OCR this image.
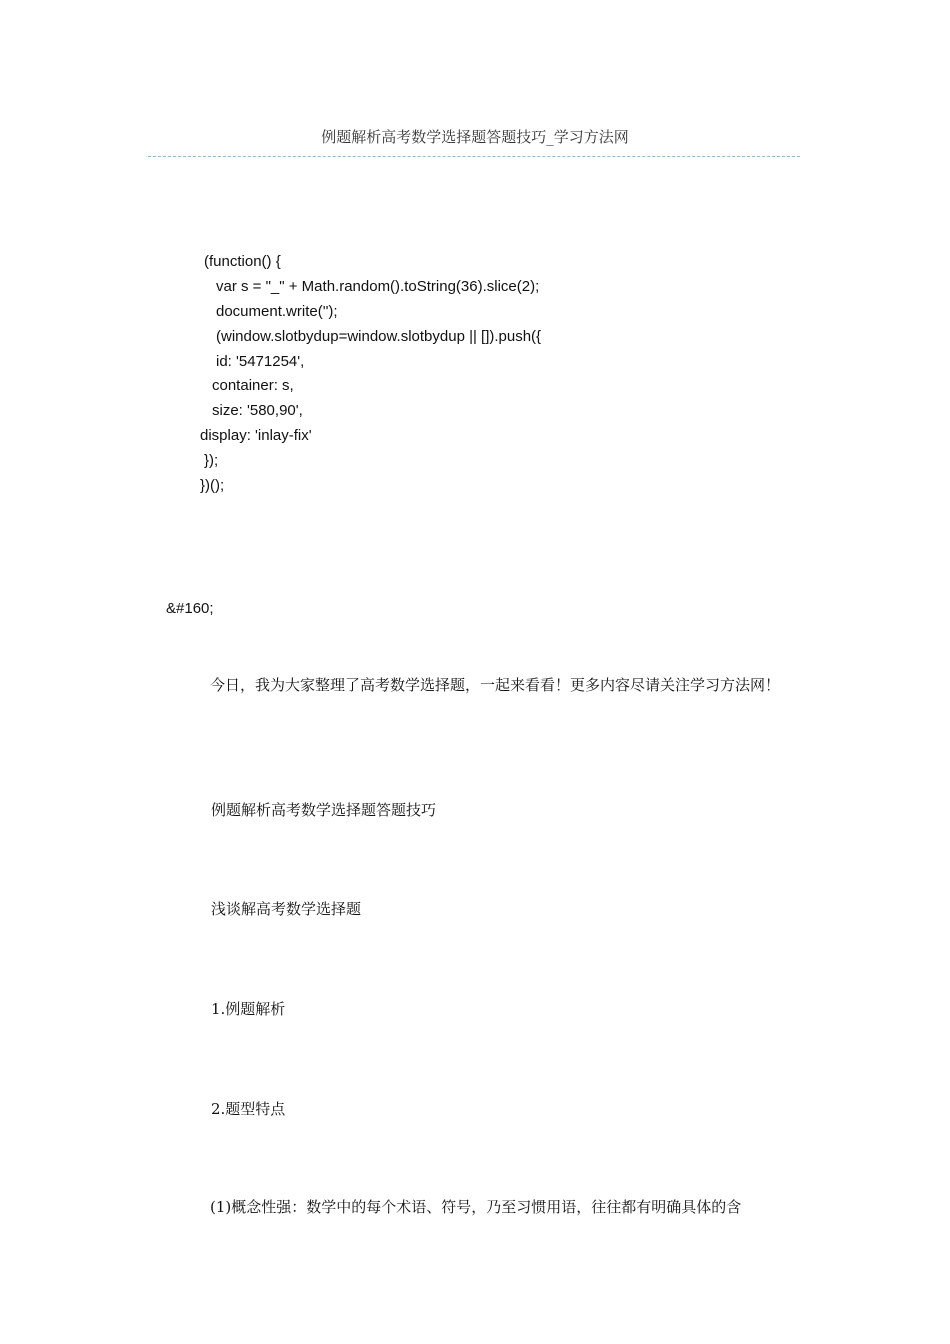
例题解析高考数学选择题答题技巧_学习方法网
(function() {
var s = "_" + Math.random().toString(36).slice(2);
document.write('');
(window.slotbydup=window.slotbydup || []).push({
id: '5471254',
container: s,
size: '580,90',
display: 'inlay-fix'
});
})();
&#160;
今日，我为大家整理了高考数学选择题，一起来看看！更多内容尽请关注学习方法网！
例题解析高考数学选择题答题技巧
浅谈解高考数学选择题
1.例题解析
2.题型特点
(1)概念性强：数学中的每个术语、符号，乃至习惯用语，往往都有明确具体的含
